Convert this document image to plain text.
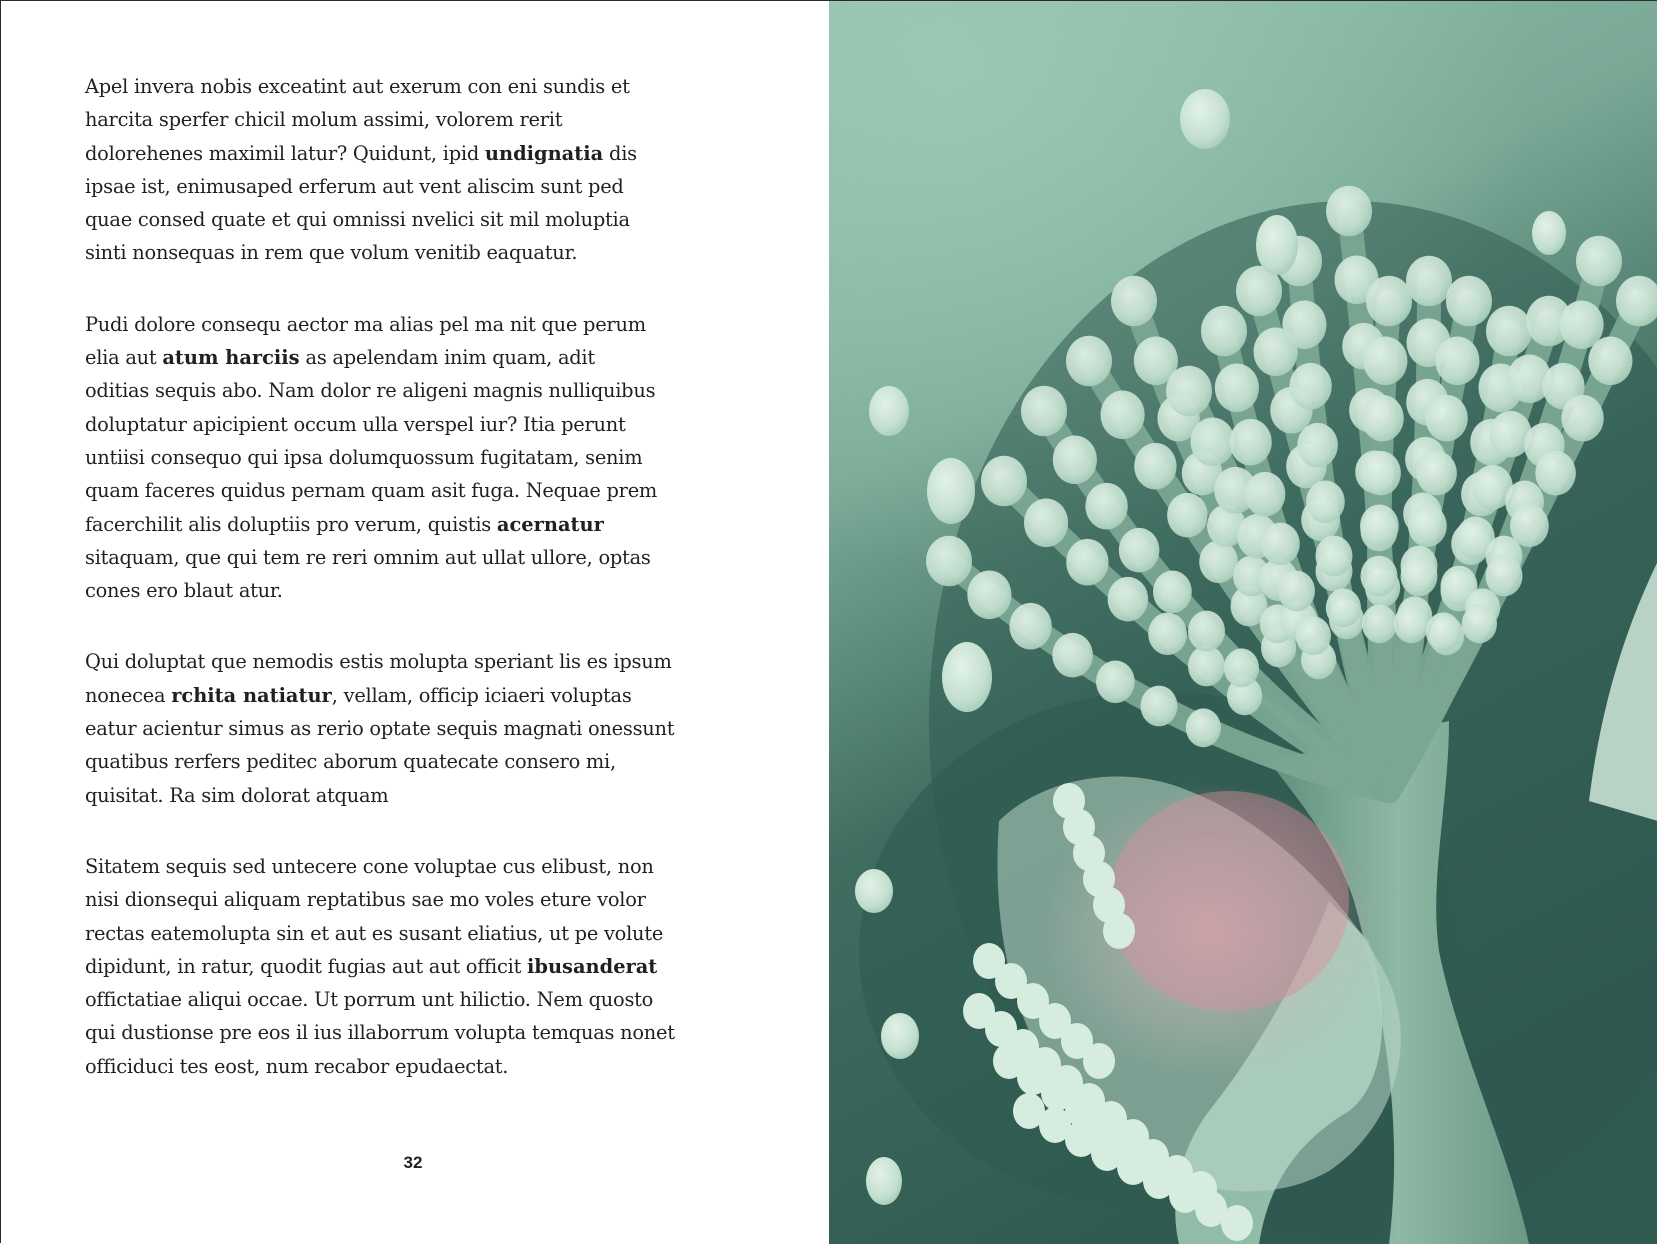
Apel invera nobis exceatint aut exerum con eni sundis et
harcita sperfer chicil molum assimi, volorem rerit
dolorehenes maximil latur? Quidunt, ipid undignatia dis
ipsae ist, enimusaped erferum aut vent aliscim sunt ped
quae consed quate et qui omnissi nvelici sit mil moluptia
sinti nonsequas in rem que volum venitib eaquatur.

Pudi dolore consequ aector ma alias pel ma nit que perum
elia aut atum harciis as apelendam inim quam, adit
oditias sequis abo. Nam dolor re aligeni magnis nulliquibus
doluptatur apicipient occum ulla verspel iur? Itia perunt
untiisi consequo qui ipsa dolumquossum fugitatam, senim
quam faceres quidus pernam quam asit fuga. Nequae prem
facerchilit alis doluptiis pro verum, quistis acernatur
sitaquam, que qui tem re reri omnim aut ullat ullore, optas
cones ero blaut atur.

Qui doluptat que nemodis estis molupta speriant lis es ipsum
nonecea rchita natiatur, vellam, officip iciaeri voluptas
eatur acientur simus as rerio optate sequis magnati onessunt
quatibus rerfers peditec aborum quatecate consero mi,
quisitat. Ra sim dolorat atquam

Sitatem sequis sed untecere cone voluptae cus elibust, non
nisi dionsequi aliquam reptatibus sae mo voles eture volor
rectas eatemolupta sin et aut es susant eliatius, ut pe volute
dipidunt, in ratur, quodit fugias aut aut officit ibusanderat
offictatiae aliqui occae. Ut porrum unt hilictio. Nem quosto
qui dustionse pre eos il ius illaborrum volupta temquas nonet
officiduci tes eost, num recabor epudaectat.

32
